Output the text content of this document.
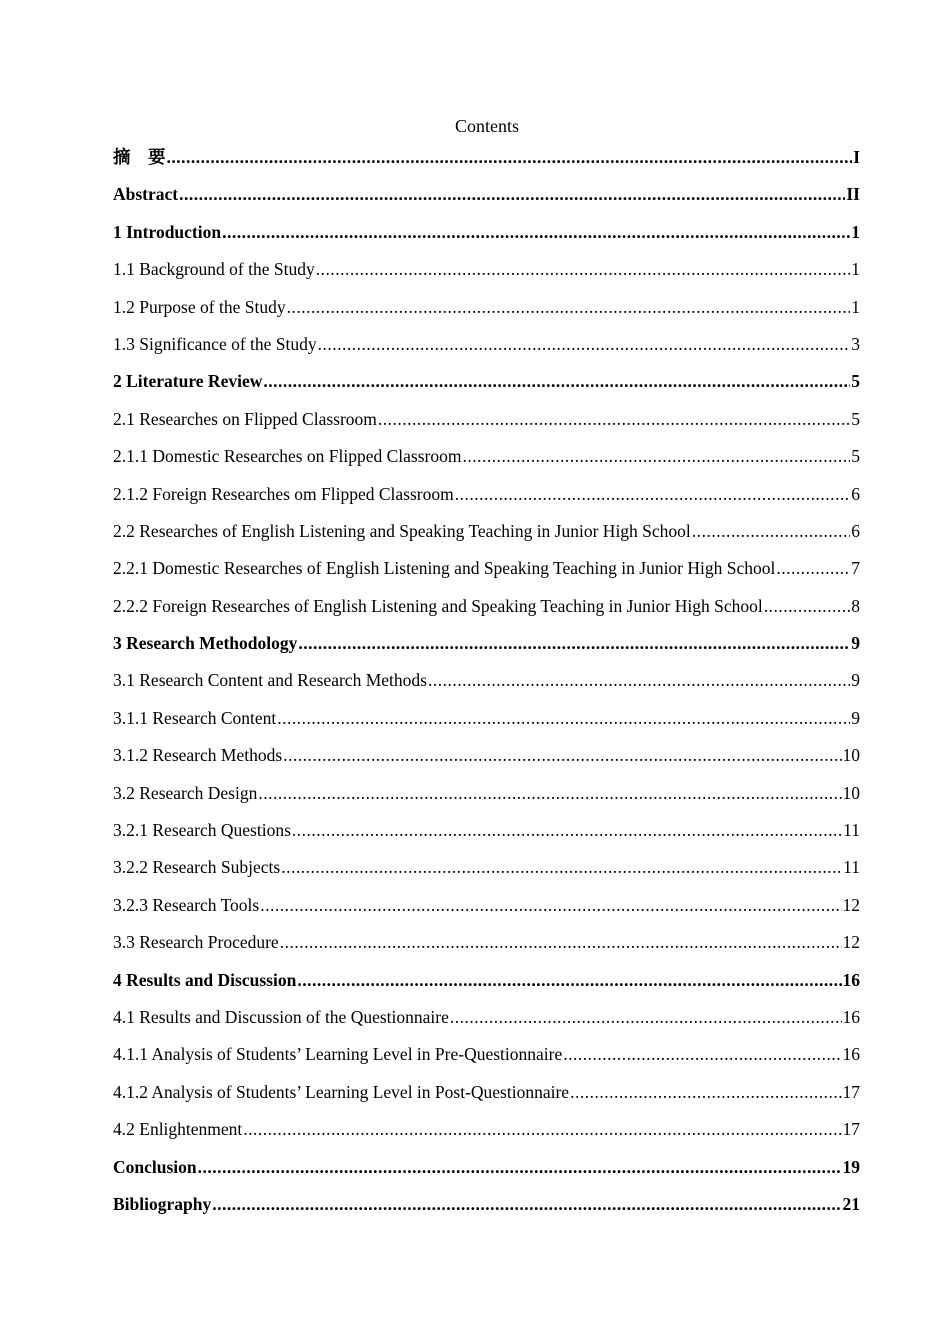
Contents
摘　要 .....	I
Abstract .....	II
1 Introduction .....	1
1.1 Background of the Study .....	1
1.2 Purpose of the Study .....	1
1.3 Significance of the Study .....	3
2 Literature Review .....	5
2.1 Researches on Flipped Classroom .....	5
2.1.1 Domestic Researches on Flipped Classroom .....	5
2.1.2 Foreign Researches om Flipped Classroom .....	6
2.2 Researches of English Listening and Speaking Teaching in Junior High School .....	6
2.2.1 Domestic Researches of English Listening and Speaking Teaching in Junior High School .....	7
2.2.2 Foreign Researches of English Listening and Speaking Teaching in Junior High School .....	8
3 Research Methodology .....	9
3.1 Research Content and Research Methods .....	9
3.1.1 Research Content .....	9
3.1.2 Research Methods .....	10
3.2 Research Design .....	10
3.2.1 Research Questions .....	11
3.2.2 Research Subjects .....	11
3.2.3 Research Tools .....	12
3.3 Research Procedure .....	12
4 Results and Discussion .....	16
4.1 Results and Discussion of the Questionnaire .....	16
4.1.1 Analysis of Students’ Learning Level in Pre-Questionnaire .....	16
4.1.2 Analysis of Students’ Learning Level in Post-Questionnaire .....	17
4.2 Enlightenment .....	17
Conclusion .....	19
Bibliography .....	21
